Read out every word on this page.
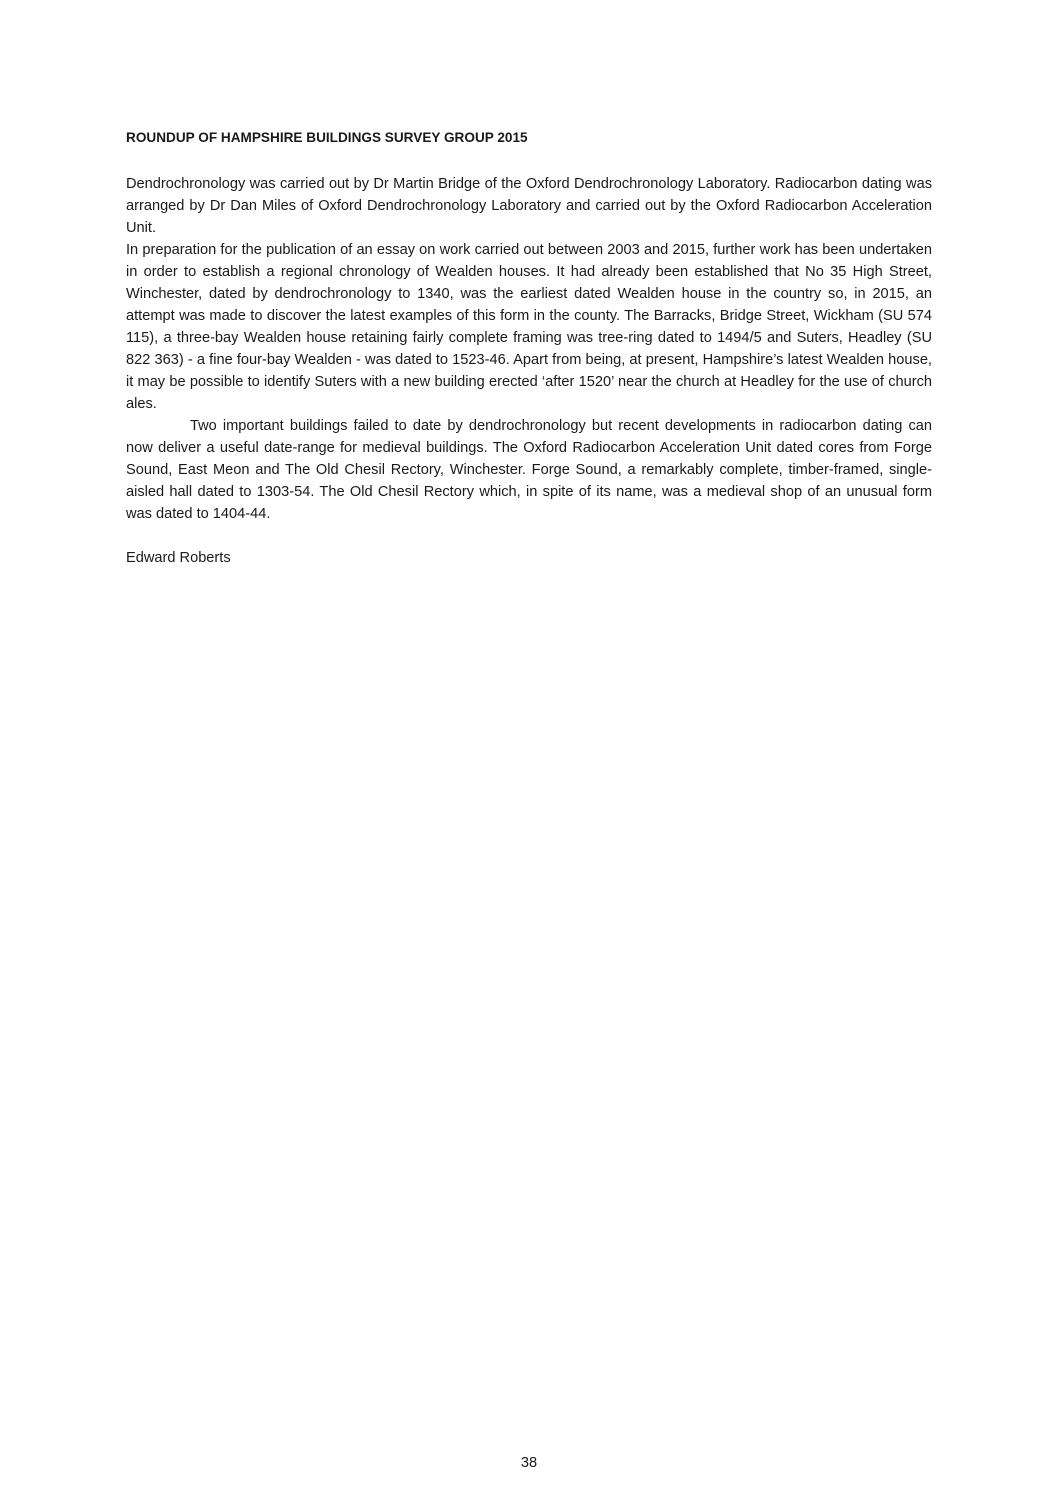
ROUNDUP OF HAMPSHIRE BUILDINGS SURVEY GROUP 2015

Dendrochronology was carried out by Dr Martin Bridge of the Oxford Dendrochronology Laboratory. Radiocarbon dating was arranged by Dr Dan Miles of Oxford Dendrochronology Laboratory and carried out by the Oxford Radiocarbon Acceleration Unit.

In preparation for the publication of an essay on work carried out between 2003 and 2015, further work has been undertaken in order to establish a regional chronology of Wealden houses. It had already been established that No 35 High Street, Winchester, dated by dendrochronology to 1340, was the earliest dated Wealden house in the country so, in 2015, an attempt was made to discover the latest examples of this form in the county. The Barracks, Bridge Street, Wickham (SU 574 115), a three-bay Wealden house retaining fairly complete framing was tree-ring dated to 1494/5 and Suters, Headley (SU 822 363) - a fine four-bay Wealden - was dated to 1523-46. Apart from being, at present, Hampshire’s latest Wealden house, it may be possible to identify Suters with a new building erected ‘after 1520’ near the church at Headley for the use of church ales.

Two important buildings failed to date by dendrochronology but recent developments in radiocarbon dating can now deliver a useful date-range for medieval buildings. The Oxford Radiocarbon Acceleration Unit dated cores from Forge Sound, East Meon and The Old Chesil Rectory, Winchester. Forge Sound, a remarkably complete, timber-framed, single-aisled hall dated to 1303-54. The Old Chesil Rectory which, in spite of its name, was a medieval shop of an unusual form was dated to 1404-44.

Edward Roberts

38
